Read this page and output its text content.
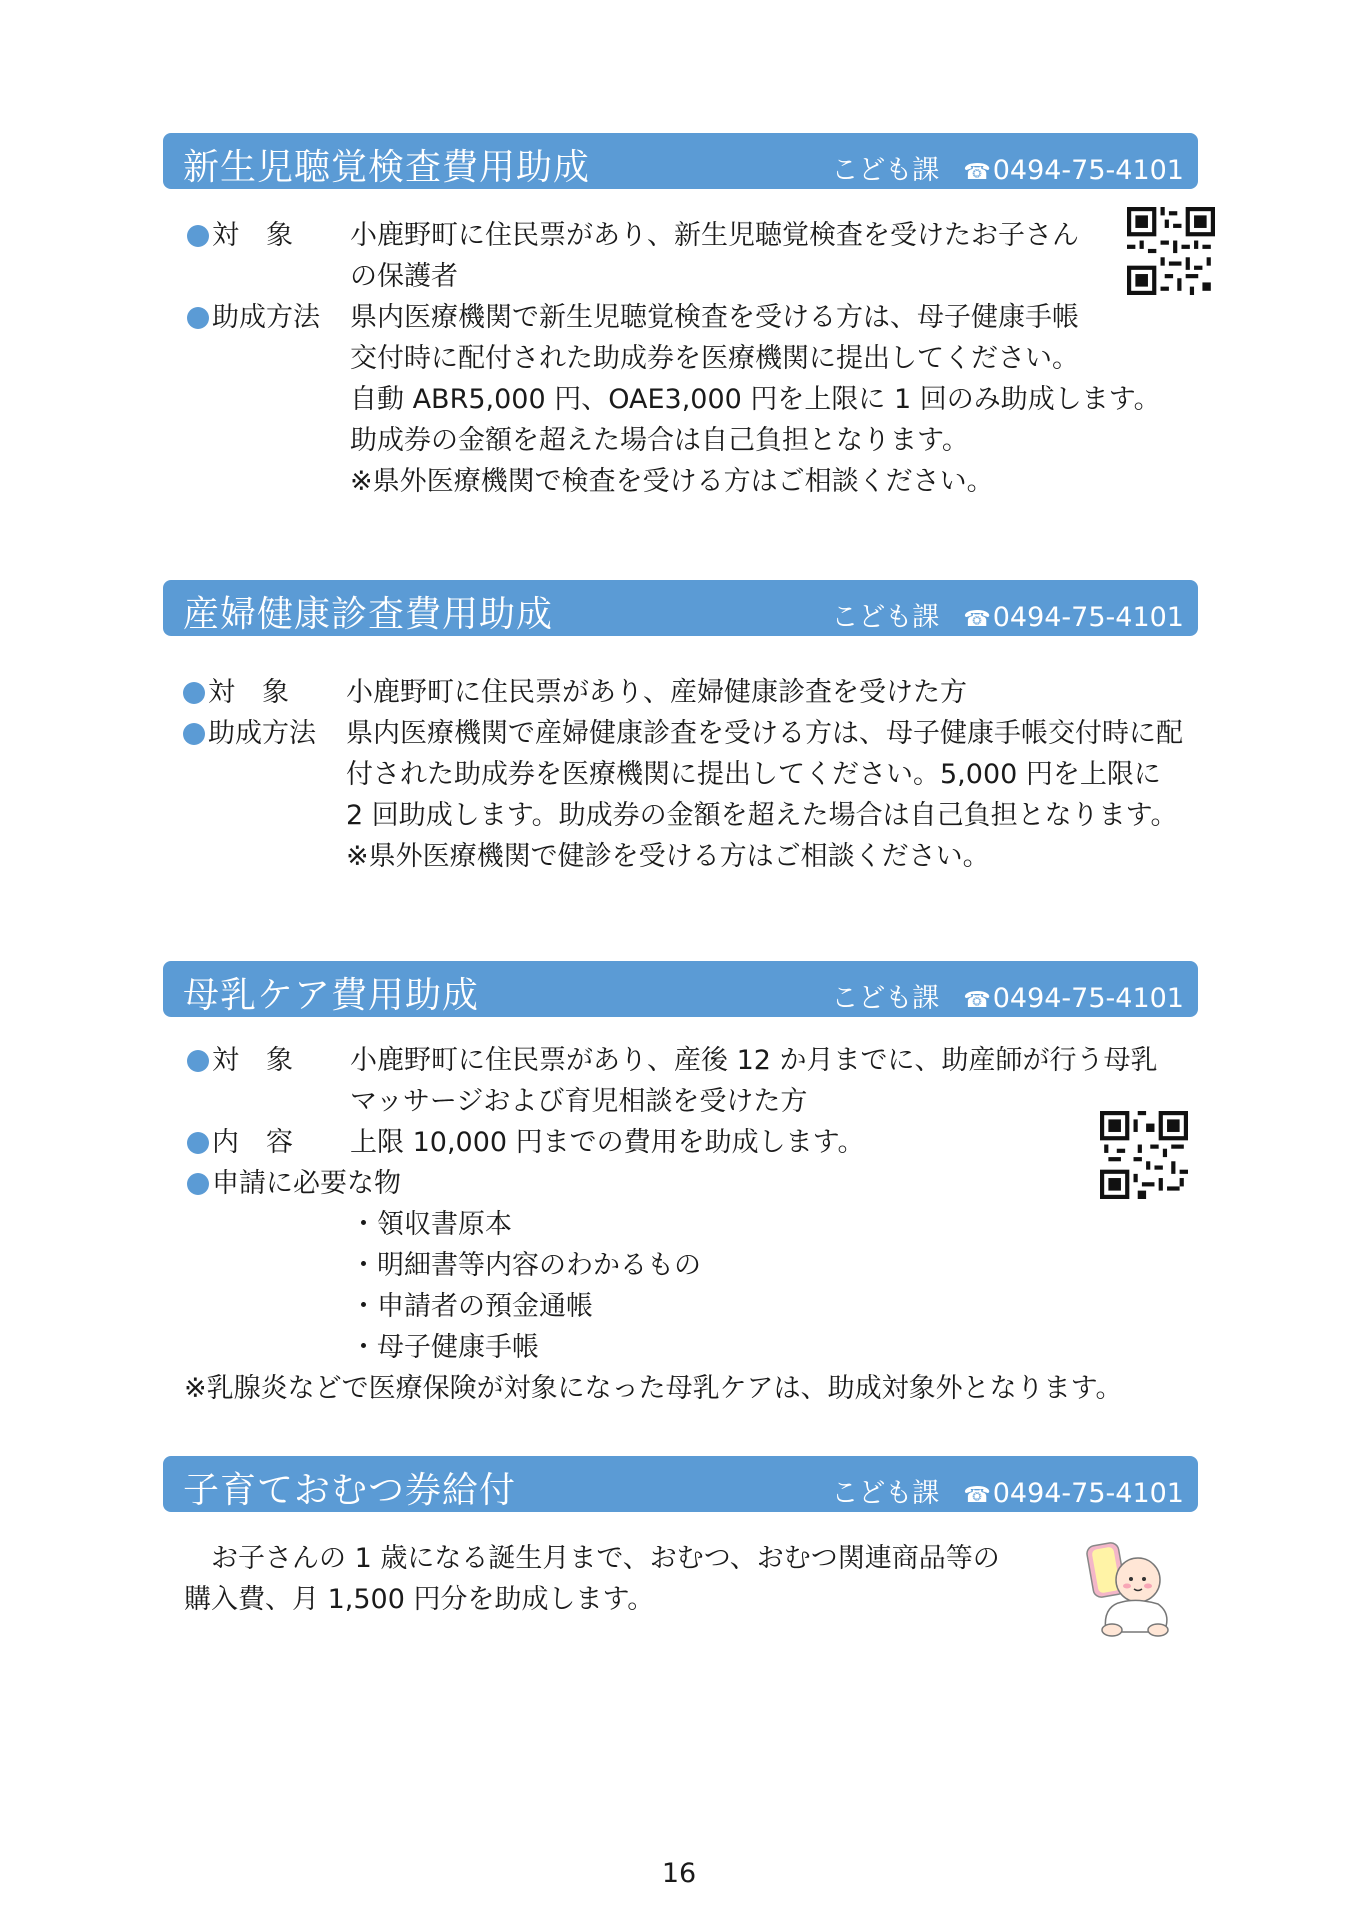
新生児聴覚検査費用助成	こども課 ☎0494-75-4101
対　象 小鹿野町に住民票があり、新生児聴覚検査を受けたお子さん
の保護者
助成方法 県内医療機関で新生児聴覚検査を受ける方は、母子健康手帳
交付時に配付された助成券を医療機関に提出してください。
自動 ABR5,000 円、OAE3,000 円を上限に 1 回のみ助成します。
助成券の金額を超えた場合は自己負担となります。
※県外医療機関で検査を受ける方はご相談ください。
産婦健康診査費用助成	こども課 ☎0494-75-4101
対　象 小鹿野町に住民票があり、産婦健康診査を受けた方
助成方法 県内医療機関で産婦健康診査を受ける方は、母子健康手帳交付時に配
付された助成券を医療機関に提出してください。5,000 円を上限に
2 回助成します。助成券の金額を超えた場合は自己負担となります。
※県外医療機関で健診を受ける方はご相談ください。
母乳ケア費用助成	こども課 ☎0494-75-4101
対　象 小鹿野町に住民票があり、産後 12 か月までに、助産師が行う母乳
マッサージおよび育児相談を受けた方
内　容 上限 10,000 円までの費用を助成します。
申請に必要な物
・領収書原本
・明細書等内容のわかるもの
・申請者の預金通帳
・母子健康手帳
※乳腺炎などで医療保険が対象になった母乳ケアは、助成対象外となります。
子育ておむつ券給付	こども課 ☎0494-75-4101
　お子さんの 1 歳になる誕生月まで、おむつ、おむつ関連商品等の
購入費、月 1,500 円分を助成します。
16
